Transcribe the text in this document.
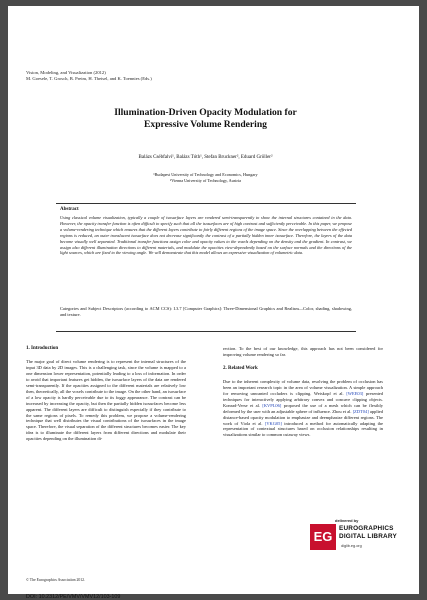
Vision, Modeling, and Visualization (2012)
M. Goesele, T. Grosch, B. Preim, H. Theisel, and K. Toennies (Eds.)
Illumination-Driven Opacity Modulation for
Expressive Volume Rendering
Balázs Csébfalvi¹, Balázs Tóth¹, Stefan Bruckner², Eduard Gröller²
¹Budapest University of Technology and Economics, Hungary
²Vienna University of Technology, Austria
Abstract
Using classical volume visualization, typically a couple of isosurface layers are rendered semi-transparently to show the internal structures contained in the data. However, the opacity transfer function is often difficult to specify such that all the isosurfaces are of high contrast and sufficiently perceivable. In this paper, we propose a volume-rendering technique which ensures that the different layers contribute to fairly different regions of the image space. Since the overlapping between the effected regions is reduced, an outer translucent isosurface does not decrease significantly the contrast of a partially hidden inner isosurface. Therefore, the layers of the data become visually well separated. Traditional transfer functions assign color and opacity values to the voxels depending on the density and the gradient. In contrast, we assign also different illumination directions to different materials, and modulate the opacities view-dependently based on the surface normals and the directions of the light sources, which are fixed to the viewing angle. We will demonstrate that this model allows an expressive visualization of volumetric data.
Categories and Subject Descriptors (according to ACM CCS): I.3.7 [Computer Graphics]: Three-Dimensional Graphics and Realism—Color, shading, shadowing, and texture.
1. Introduction

The major goal of direct volume rendering is to represent the internal structures of the input 3D data by 2D images. This is a challenging task, since the volume is mapped to a one dimension lower representation, potentially leading to a loss of information. In order to avoid that important features get hidden, the isosurface layers of the data are rendered semi-transparently. If the opacities assigned to the different materials are relatively low then, theoretically, all the voxels contribute to the image. On the other hand, an isosurface of a low opacity is hardly perceivable due to its foggy appearance. The contrast can be increased by increasing the opacity, but then the partially hidden isosurfaces become less apparent. The different layers are difficult to distinguish especially if they contribute to the same regions of pixels. To remedy this problem, we propose a volume-rendering technique that well distributes the visual contributions of the isosurfaces in the image space. Therefore, the visual separation of the different structures becomes easier. The key idea is to illuminate the different layers from different directions and modulate their opacities depending on the illumination di-

rection. To the best of our knowledge, this approach has not been considered for improving volume rendering so far.

2. Related Work

Due to the inherent complexity of volume data, resolving the problem of occlusion has been an important research topic in the area of volume visualization. A simple approach for removing unwanted occluders is clipping. Weiskopf et al. [WEE03] presented techniques for interactively applying arbitrary convex and concave clipping objects. Konrad-Verse et al. [KVPL06] proposed the use of a mesh which can be flexibly deformed by the user with an adjustable sphere of influence. Zhou et al. [ZDT04] applied distance-based opacity modulation to emphasize and deemphasize different regions. The work of Viola et al. [VKG05] introduced a method for automatically adapting the representation of contextual structures based on occlusion relationships resulting in visualizations similar to common cutaway views.

© The Eurographics Association 2012.
DOI: 10.2312/PE/VMV/VMV12/103-109
delivered by
EG
EUROGRAPHICS
DIGITAL LIBRARY
diglib.eg.org
